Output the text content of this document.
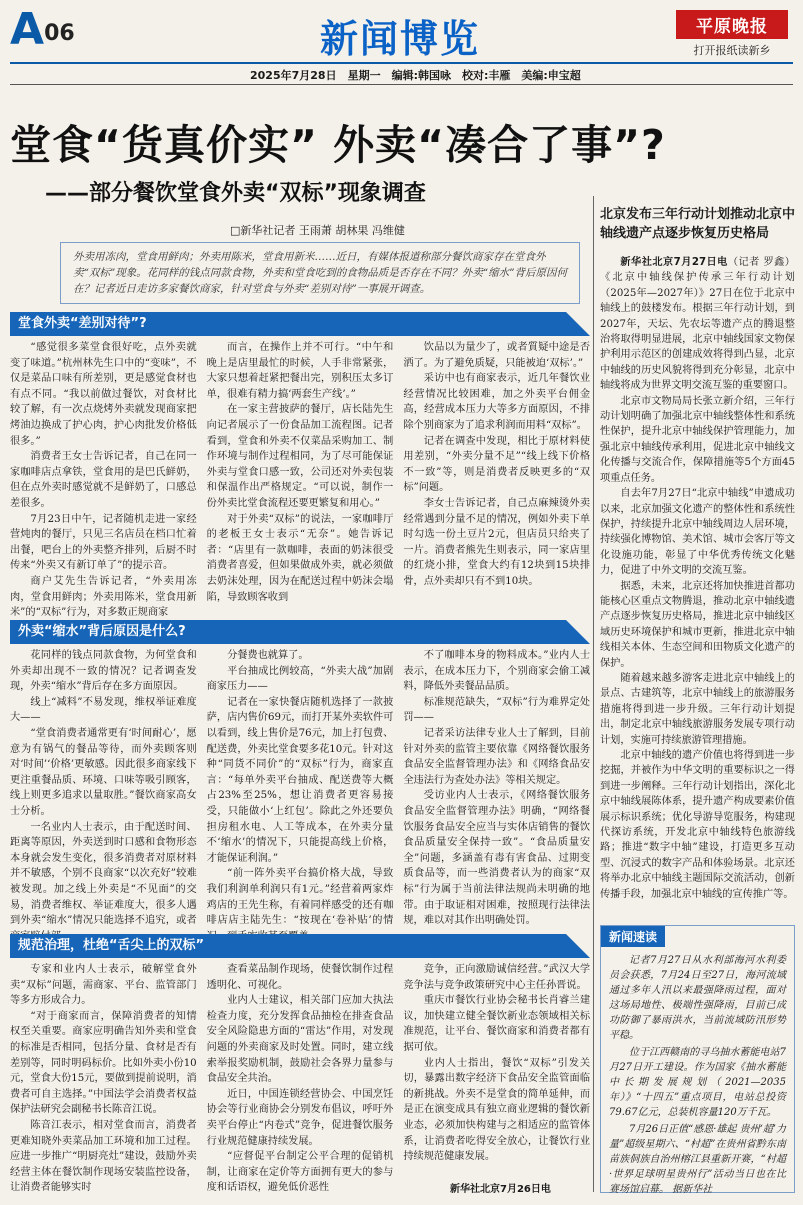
A06	新闻博览	平原晚报
打开报纸读新乡
2025年7月28日　星期一　编辑:韩国咏　校对:丰雁　美编:申宝超
堂食“货真价实” 外卖“凑合了事”?
——部分餐饮堂食外卖“双标”现象调查
□新华社记者 王雨萧 胡林果 冯维健
外卖用冻肉，堂食用鲜肉；外卖用陈米，堂食用新米……近日，有媒体报道称部分餐饮商家存在堂食外卖“双标”现象。花同样的钱点同款食物，外卖和堂食吃到的食物品质是否存在不同？外卖“缩水”背后原因何在？记者近日走访多家餐饮商家，针对堂食与外卖“差别对待”一事展开调查。
堂食外卖“差别对待”?

“感觉很多菜堂食很好吃，点外卖就变了味道。”杭州林先生口中的“变味”，不仅是菜品口味有所差别，更是感觉食材也有点不同。“我以前做过餐饮，对食材比较了解，有一次点烧烤外卖就发现商家把烤油边换成了护心肉，护心肉批发价格低很多。”

消费者王女士告诉记者，自己在同一家咖啡店点拿铁，堂食用的是巴氏鲜奶，但在点外卖时感觉就不是鲜奶了，口感总差很多。

7月23日中午，记者随机走进一家经营炖肉的餐厅，只见三名店员在档口忙着出餐，吧台上的外卖整齐排列，后厨不时传来“外卖又有新订单了”的提示音。

商户艾先生告诉记者，“外卖用冻肉，堂食用鲜肉；外卖用陈米，堂食用新米”的“双标”行为，对多数正规商家

而言，在操作上并不可行。“中午和晚上是店里最忙的时候，人手非常紧张，大家只想着赶紧把餐出完，别积压太多订单，很难有精力搞‘两套生产线’。”

在一家主营披萨的餐厅，店长陆先生向记者展示了一份食品加工流程图。记者看到，堂食和外卖不仅菜品采购加工、制作环境与制作过程相同，为了尽可能保证外卖与堂食口感一致，公司还对外卖包装和保温作出严格规定。“可以说，制作一份外卖比堂食流程还要更繁复和用心。”

对于外卖“双标”的说法，一家咖啡厅的老板王女士表示“无奈”。她告诉记者：“店里有一款咖啡，表面的奶沫很受消费者喜爱，但如果做成外卖，就必须做去奶沫处理，因为在配送过程中奶沫会塌陷，导致顾客收到

饮品以为量少了，或者質疑中途是否洒了。为了避免质疑，只能被迫‘双标’。”

采访中也有商家表示，近几年餐饮业经营情况比较困难，加之外卖平台佣金高，经营成本压力大等多方面原因，不排除个别商家为了追求利润而用料“双标”。

记者在调查中发现，相比于原材料使用差别，“外卖分量不足”“线上线下价格不一致”等，则是消费者反映更多的“双标”问题。

李女士告诉记者，自己点麻辣烫外卖经常遇到分量不足的情况，例如外卖下单时勾选一份土豆片2元，但店员只给夹了一片。消费者熊先生则表示，同一家店里的红烧小排，堂食大约有12块到15块排骨，点外卖却只有不到10块。

外卖“缩水”背后原因是什么?

花同样的钱点同款食物，为何堂食和外卖却出现不一致的情况？记者调查发现，外卖“缩水”背后存在多方面原因。

线上“减料”不易发现，维权举证难度大——

“堂食消费者通常更有‘时间耐心’，愿意为有锅气的餐品等待，而外卖顾客则对‘时间’‘价格’更敏感。因此很多商家线下更注重餐品质、环境、口味等吸引顾客，线上则更多追求以量取胜。”餐饮商家高女士分析。

一名业内人士表示，由于配送时间、距离等原因，外卖送到时口感和食物形态本身就会发生变化，很多消费者对原材料并不敏感，个别不良商家“以次充好”较难被发现。加之线上外卖是“不见面”的交易，消费者维权、举证难度大，很多人遇到外卖“缩水”情况只能选择不追究，或者

分餐费也就算了。

平台抽成比例较高，“外卖大战”加剧商家压力——

记者在一家快餐店随机选择了一款披萨，店内售价69元，而打开某外卖软件可以看到，线上售价是76元，加上打包费、配送费，外卖比堂食要多花10元。针对这种“同货不同价”的“双标”行为，商家直言：“每单外卖平台抽成、配送费等大概占23%至25%，想让消费者更容易接受，只能做小‘上红包’。除此之外还要负担房租水电、人工等成本，在外卖分量不‘缩水’的情况下，只能提高线上价格，才能保证利润。”

“前一阵外卖平台搞价格大战，导致我们利润单利润只有1元。”经营着两家炸鸡店的王先生称，有着同样感受的还有咖啡店店主陆先生：“按现在‘卷补贴’的情

不了咖啡本身的物料成本。”业内人士表示，在成本压力下，个别商家会偷工减料，降低外卖餐品品质。

标准规范缺失，“双标”行为难界定处罚——

记者采访法律专业人士了解到，目前针对外卖的监管主要依靠《网络餐饮服务食品安全监督管理办法》和《网络食品安全违法行为查处办法》等相关规定。

受访业内人士表示，《网络餐饮服务食品安全监督管理办法》明确，“网络餐饮服务食品安全应当与实体店销售的餐饮食品质量安全保持一致”。“食品质量安全”问题，多涵盖有毒有害食品、过期变质食品等，而一些消费者认为的商家“双标”行为属于当前法律法规尚未明确的地带。由于取证相对困难，按照现行法律法规，难以对其作出明确处罚。

规范治理，杜绝“舌尖上的双标”

专家和业内人士表示，破解堂食外卖“双标”问题，需商家、平台、监管部门等多方形成合力。

“对于商家而言，保障消费者的知情权至关重要。商家应明确告知外卖和堂食的标准是否相同，包括分量、食材是否有差别等，同时明码标价。比如外卖小份10元，堂食大份15元，要做到提前说明，消费者可自主选择。”中国法学会消费者权益保护法研究会副秘书长陈音江说。

陈音江表示，相对堂食而言，消费者更难知晓外卖菜品加工环境和加工过程。应进一步推广“明厨亮灶”建设，鼓励外卖经营主体在餐饮制作现场安装监控设备，让消费者能够实时

查看菜品制作现场，使餐饮制作过程透明化、可视化。

业内人士建议，相关部门应加大执法检查力度，充分发挥食品抽检在排查食品安全风险隐患方面的“雷达”作用，对发现问题的外卖商家及时处置。同时，建立线索举报奖励机制，鼓励社会各界力量参与食品安全共治。

近日，中国连锁经营协会、中国烹饪协会等行业商协会分别发布倡议，呼吁外卖平台停止“内卷式”竞争，促进餐饮服务行业规范健康持续发展。

“应督促平台制定公平合理的促销机制，让商家在定价等方面拥有更大的参与度和话语权，避免低价恶性

竞争，正向激励诚信经营。”武汉大学竞争法与竞争政策研究中心主任孙晋说。

重庆市餐饮行业协会秘书长肖睿兰建议，加快建立健全餐饮新业态领域相关标准规范，让平台、餐饮商家和消费者都有据可依。

业内人士指出，餐饮“双标”引发关切，暴露出数字经济下食品安全监管面临的新挑战。外卖不是堂食的简单延伸，而是正在演变成具有独立商业逻辑的餐饮新业态，必须加快构建与之相适应的监管体系，让消费者吃得安全放心，让餐饮行业持续规范健康发展。

新华社北京7月26日电
北京发布三年行动计划推动北京中轴线遗产点逐步恢复历史格局

新华社北京7月27日电（记者 罗鑫）《北京中轴线保护传承三年行动计划（2025年—2027年）》27日在位于北京中轴线上的鼓楼发布。根据三年行动计划，到2027年，天坛、先农坛等遗产点的腾退整治将取得明显进展，北京中轴线国家文物保护利用示范区的创建成效将得到凸显，北京中轴线的历史风貌将得到充分彰显，北京中轴线将成为世界文明交流互鉴的重要窗口。

北京市文物局局长张立新介绍，三年行动计划明确了加强北京中轴线整体性和系统性保护，提升北京中轴线保护管理能力，加强北京中轴线传承利用，促进北京中轴线文化传播与交流合作，保障措施等5个方面45项重点任务。

自去年7月27日“北京中轴线”申遗成功以来，北京加强文化遗产的整体性和系统性保护，持续提升北京中轴线周边人居环境，持续强化博物馆、美术馆、城市会客厅等文化设施功能，彰显了中华优秀传统文化魅力，促进了中外文明的交流互鉴。

据悉，未来，北京还将加快推进首都功能核心区重点文物腾退，推动北京中轴线遗产点逐步恢复历史格局，推进北京中轴线区域历史环境保护和城市更新，推进北京中轴线相关本体、生态空间和田物质文化遗产的保护。

随着越来越多游客走进北京中轴线上的景点、古建筑等，北京中轴线上的旅游服务措施将得到进一步升级。三年行动计划提出，制定北京中轴线旅游服务发展专项行动计划，实施可持续旅游管理措施。

北京中轴线的遗产价值也将得到进一步挖掘，并被作为中华文明的重要标识之一得到进一步阐释。三年行动计划指出，深化北京中轴线展陈体系，提升遗产构成要素价值展示标识系统；优化导游导览服务，构建现代探访系统，开发北京中轴线特色旅游线路；推进“数字中轴”建设，打造更多互动型、沉浸式的数字产品和体验场景。北京还将举办北京中轴线主题国际交流活动，创新传播手段，加强北京中轴线的宣传推广等。

新闻速读

记者7月27日从水利部海河水利委员会获悉，7月24日至27日，海河流域通过多年人汛以来最强降雨过程，面对这场局地性、极端性强降雨，目前已成功防御了暴雨洪水，当前流域防汛形势平稳。

位于江西赣南的寻乌抽水蓄能电站7月27日开工建设。作为国家《抽水蓄能中长期发展规划（2021—2035年）》“十四五”重点项目，电站总投资79.67亿元，总装机容量120万千瓦。

7月26日正值“感恩·雄起 贵州‘超’力量”超级星期六、“村超”在贵州省黔东南苗族侗族自治州榕江县重新开赛，“村超·世界足球明星贵州行”活动当日也在比赛场馆启幕。 据新华社
